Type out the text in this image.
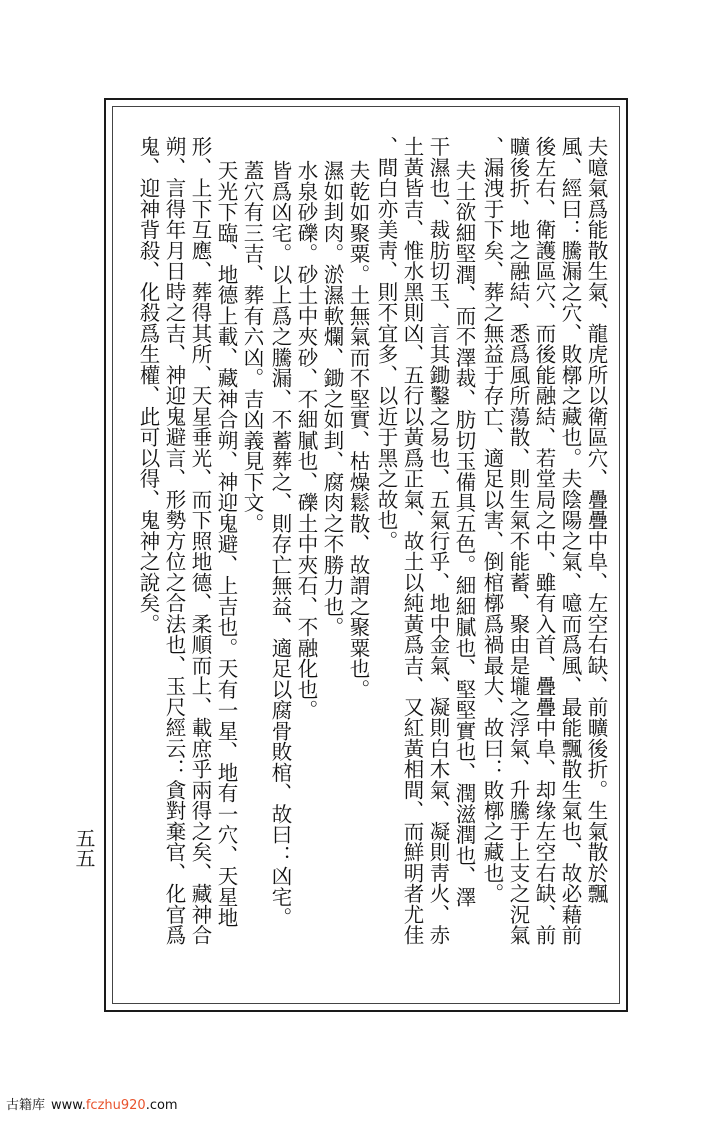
夫噫氣爲能散生氣、龍虎所以衛區穴、疊疊中阜、左空右缺、前曠後折。生氣散於飄
風、經曰：騰漏之穴、敗槨之藏也。夫陰陽之氣、噫而爲風、最能飄散生氣也、故必藉前
後左右、衛護區穴、而後能融結、若堂局之中、雖有入首、疊疊中阜、却缘左空右缺、前
曠後折、地之融結、悉爲風所蕩散、則生氣不能蓄、聚由是壠之浮氣、升騰于上支之況氣
、漏洩于下矣、葬之無益于存亡、適足以害、倒棺槨爲禍最大、故曰：敗槨之藏也。
夫土欲細堅潤、而不澤裁、肪切玉備具五色。細細膩也、堅堅實也、潤滋潤也、澤
干濕也、裁肪切玉、言其鋤鑿之易也、五氣行乎、地中金氣、凝則白木氣、凝則靑火、赤
土黃皆吉、惟水黑則凶、五行以黃爲正氣、故土以純黃爲吉、又紅黃相間、而鮮明者尤佳
、間白亦美靑、則不宜多、以近于黑之故也。
夫乾如聚粟。土無氣而不堅實、枯燥鬆散、故謂之聚粟也。
濕如刲肉。淤濕軟爛、鋤之如刲、腐肉之不勝力也。
水泉砂礫。砂土中夾砂、不細膩也、礫土中夾石、不融化也。
皆爲凶宅。以上爲之騰漏、不蓄葬之、則存亡無益、適足以腐骨敗棺、故曰：凶宅。
蓋穴有三吉、葬有六凶。吉凶義見下文。
天光下臨、地德上載、藏神合朔、神迎鬼避、上吉也。天有一星、地有一穴、天星地
形、上下互應、葬得其所、天星垂光、而下照地德、柔順而上、載庶乎兩得之矣、藏神合
朔、言得年月日時之吉、神迎鬼避言、形勢方位之合法也、玉尺經云：貪對棄官、化官爲
鬼、迎神背殺、化殺爲生權、此可以得、鬼神之說矣。
五五
古籍库 www.fczhu920.com
